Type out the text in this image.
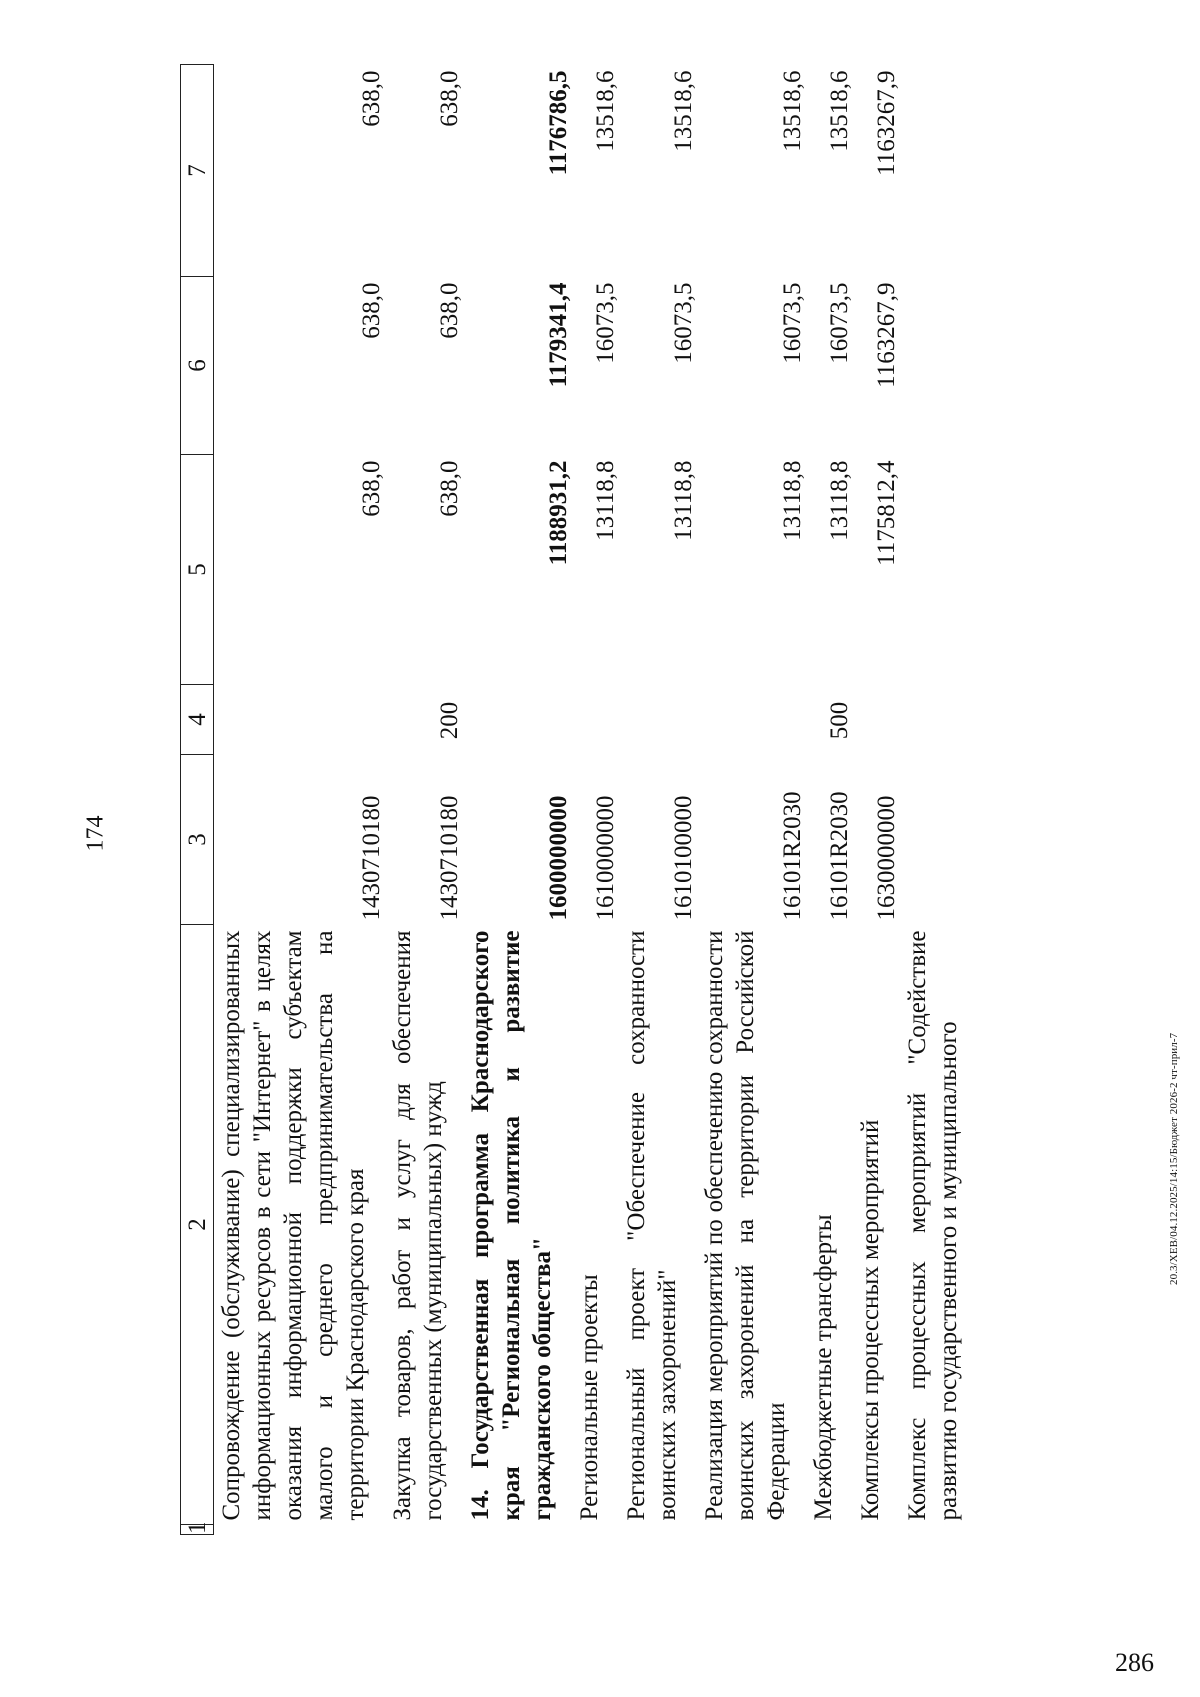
174
286
20.3/XEB/04.12.2025/14:15/Бюджет 2026-2 чт-прил-7
1	2	3	4	5	6	7
	Сопровождение (обслуживание) специализированных информационных ресурсов в сети "Интернет" в целях оказания информационной поддержки субъектам малого и среднего предпринимательства на территории Краснодарского края	1430710180		638,0	638,0	638,0
	Закупка товаров, работ и услуг для обеспечения государственных (муниципальных) нужд	1430710180	200	638,0	638,0	638,0
	14. Государственная программа Краснодарского края "Региональная политика и развитие гражданского общества"	1600000000		1188931,2	1179341,4	1176786,5
	Региональные проекты	1610000000		13118,8	16073,5	13518,6
	Региональный проект "Обеспечение сохранности воинских захоронений"	1610100000		13118,8	16073,5	13518,6
	Реализация мероприятий по обеспечению сохранности воинских захоронений на территории Российской Федерации	16101R2030		13118,8	16073,5	13518,6
	Межбюджетные трансферты	16101R2030	500	13118,8	16073,5	13518,6
	Комплексы процессных мероприятий	1630000000		1175812,4	1163267,9	1163267,9
	Комплекс процессных мероприятий "Содействие развитию государственного и муниципального					
